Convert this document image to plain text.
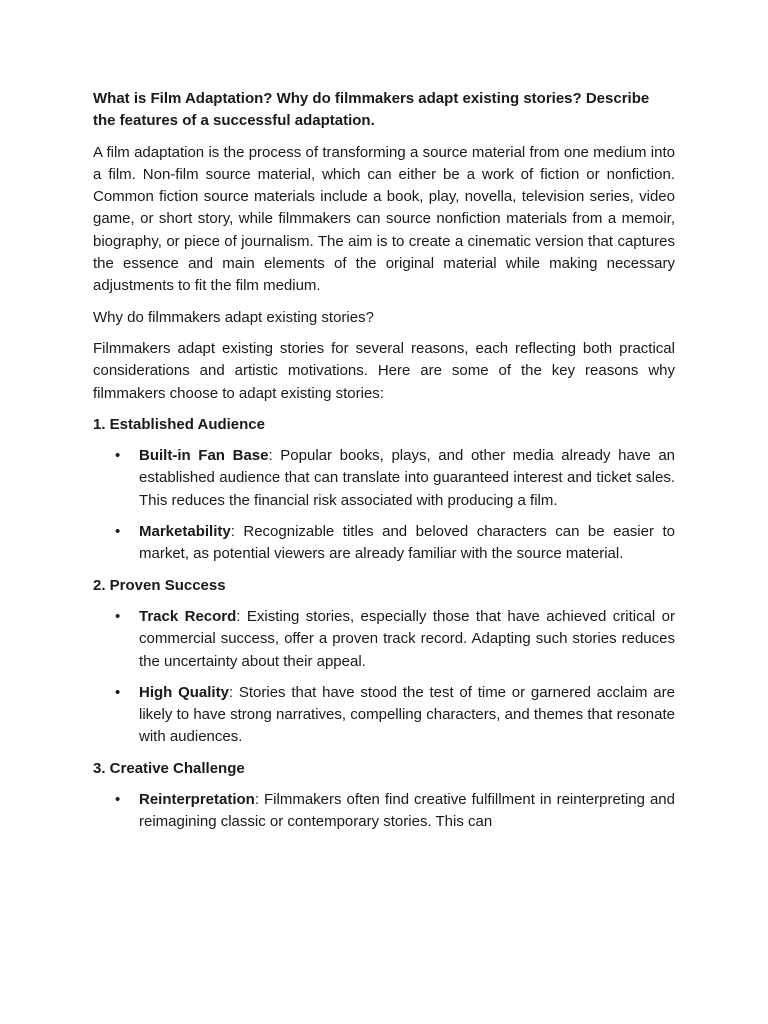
What is Film Adaptation? Why do filmmakers adapt existing stories? Describe the features of a successful adaptation.

A film adaptation is the process of transforming a source material from one medium into a film. Non-film source material, which can either be a work of fiction or nonfiction. Common fiction source materials include a book, play, novella, television series, video game, or short story, while filmmakers can source nonfiction materials from a memoir, biography, or piece of journalism. The aim is to create a cinematic version that captures the essence and main elements of the original material while making necessary adjustments to fit the film medium.

Why do filmmakers adapt existing stories?

Filmmakers adapt existing stories for several reasons, each reflecting both practical considerations and artistic motivations. Here are some of the key reasons why filmmakers choose to adapt existing stories:

1. Established Audience

• Built-in Fan Base: Popular books, plays, and other media already have an established audience that can translate into guaranteed interest and ticket sales. This reduces the financial risk associated with producing a film.
• Marketability: Recognizable titles and beloved characters can be easier to market, as potential viewers are already familiar with the source material.

2. Proven Success

• Track Record: Existing stories, especially those that have achieved critical or commercial success, offer a proven track record. Adapting such stories reduces the uncertainty about their appeal.
• High Quality: Stories that have stood the test of time or garnered acclaim are likely to have strong narratives, compelling characters, and themes that resonate with audiences.

3. Creative Challenge

• Reinterpretation: Filmmakers often find creative fulfillment in reinterpreting and reimagining classic or contemporary stories. This can
